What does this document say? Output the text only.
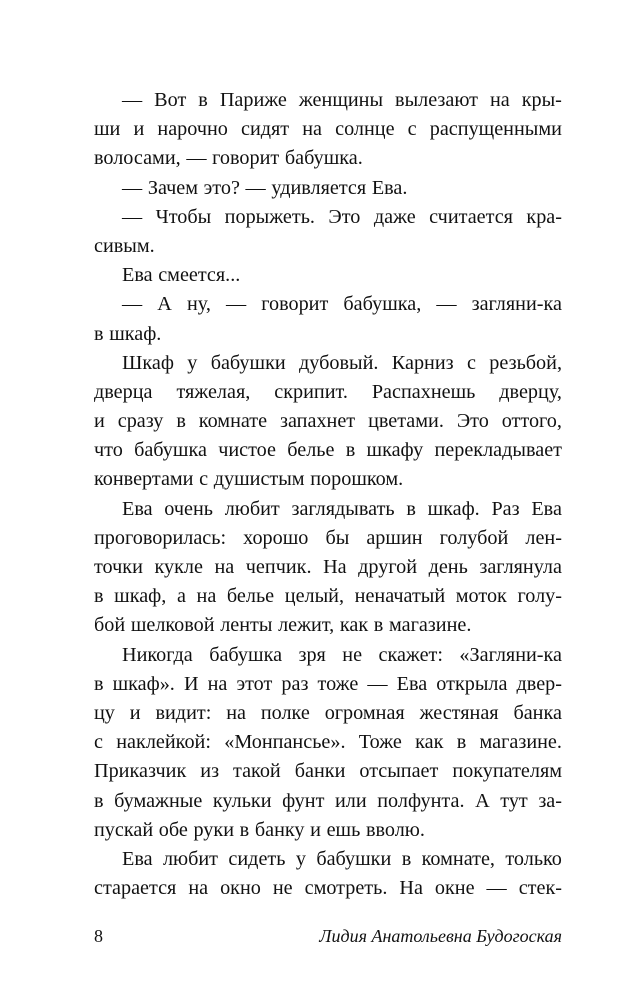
— Вот в Париже женщины вылезают на кры-
ши и нарочно сидят на солнце с распущенными
волосами, — говорит бабушка.
— Зачем это? — удивляется Ева.
— Чтобы порыжеть. Это даже считается кра-
сивым.
Ева смеется...
— А ну, — говорит бабушка, — загляни-ка
в шкаф.
Шкаф у бабушки дубовый. Карниз с резьбой,
дверца тяжелая, скрипит. Распахнешь дверцу,
и сразу в комнате запахнет цветами. Это оттого,
что бабушка чистое белье в шкафу перекладывает
конвертами с душистым порошком.
Ева очень любит заглядывать в шкаф. Раз Ева
проговорилась: хорошо бы аршин голубой лен-
точки кукле на чепчик. На другой день заглянула
в шкаф, а на белье целый, неначатый моток голу-
бой шелковой ленты лежит, как в магазине.
Никогда бабушка зря не скажет: «Загляни-ка
в шкаф». И на этот раз тоже — Ева открыла двер-
цу и видит: на полке огромная жестяная банка
с наклейкой: «Монпансье». Тоже как в магазине.
Приказчик из такой банки отсыпает покупателям
в бумажные кульки фунт или полфунта. А тут за-
пускай обе руки в банку и ешь вволю.
Ева любит сидеть у бабушки в комнате, только
старается на окно не смотреть. На окне — стек-
8	Лидия Анатольевна Будогоская
